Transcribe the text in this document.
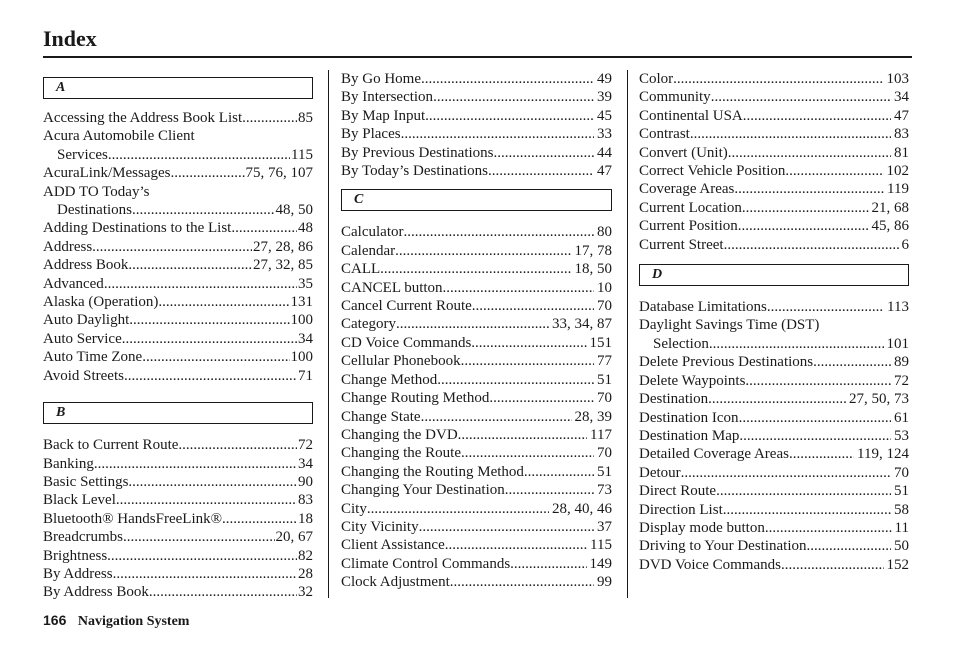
Index
A
Accessing the Address Book List .....	85
Acura Automobile Client
Services .....	115
AcuraLink/Messages .....	75, 76, 107
ADD TO Today’s
Destinations .....	48, 50
Adding Destinations to the List .....	48
Address .....	27, 28, 86
Address Book .....	27, 32, 85
Advanced .....	35
Alaska (Operation) .....	131
Auto Daylight .....	100
Auto Service .....	34
Auto Time Zone .....	100
Avoid Streets .....	71
B
Back to Current Route .....	72
Banking .....	34
Basic Settings .....	90
Black Level .....	83
Bluetooth® HandsFreeLink® .....	18
Breadcrumbs .....	20, 67
Brightness .....	82
By Address .....	28
By Address Book .....	32
By Go Home .....	49
By Intersection .....	39
By Map Input .....	45
By Places .....	33
By Previous Destinations .....	44
By Today’s Destinations .....	47
C
Calculator .....	80
Calendar .....	17, 78
CALL .....	18, 50
CANCEL button .....	10
Cancel Current Route .....	70
Category .....	33, 34, 87
CD Voice Commands .....	151
Cellular Phonebook .....	77
Change Method .....	51
Change Routing Method .....	70
Change State .....	28, 39
Changing the DVD .....	117
Changing the Route .....	70
Changing the Routing Method .....	51
Changing Your Destination .....	73
City .....	28, 40, 46
City Vicinity .....	37
Client Assistance .....	115
Climate Control Commands .....	149
Clock Adjustment .....	99
Color .....	103
Community .....	34
Continental USA .....	47
Contrast .....	83
Convert (Unit) .....	81
Correct Vehicle Position .....	102
Coverage Areas .....	119
Current Location .....	21, 68
Current Position .....	45, 86
Current Street .....	6
D
Database Limitations .....	113
Daylight Savings Time (DST)
Selection .....	101
Delete Previous Destinations .....	89
Delete Waypoints .....	72
Destination .....	27, 50, 73
Destination Icon .....	61
Destination Map .....	53
Detailed Coverage Areas .....	119, 124
Detour .....	70
Direct Route .....	51
Direction List .....	58
Display mode button .....	11
Driving to Your Destination .....	50
DVD Voice Commands .....	152
166 Navigation System
